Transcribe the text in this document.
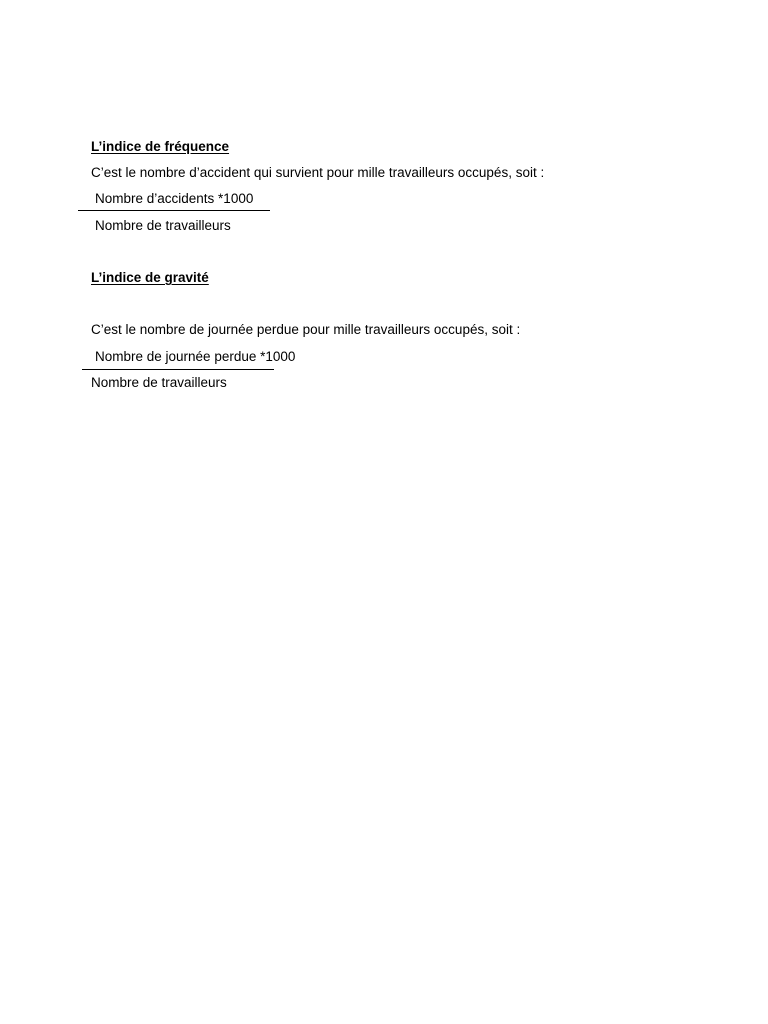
L’indice de fréquence
C’est le nombre d’accident qui survient pour mille travailleurs occupés, soit :
Nombre d’accidents *1000
Nombre de travailleurs
L’indice de gravité
C’est le nombre de journée perdue pour mille travailleurs occupés, soit :
Nombre de journée perdue *1000
Nombre de travailleurs
